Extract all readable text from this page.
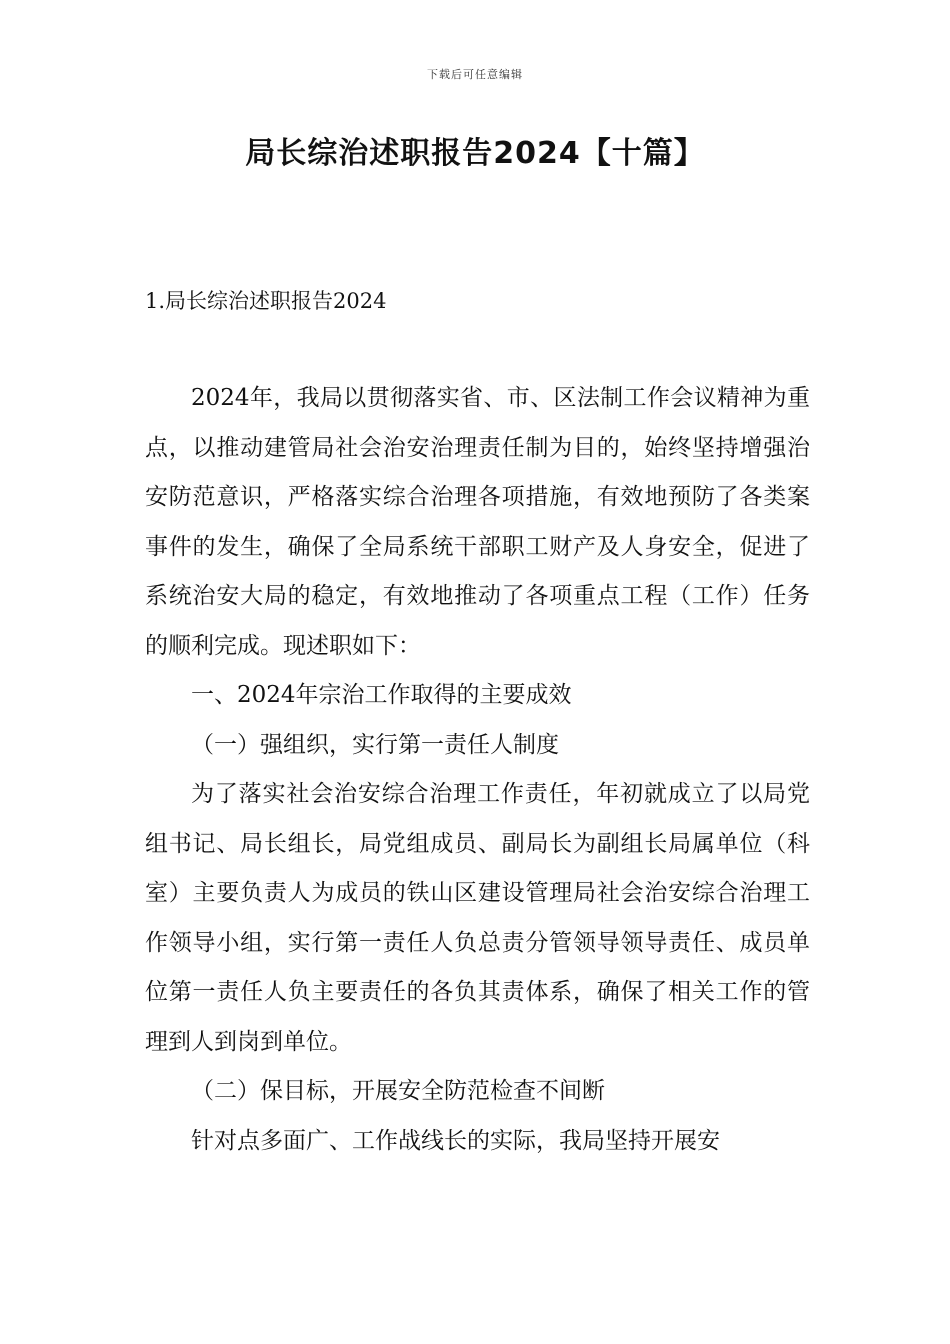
下载后可任意编辑
局长综治述职报告2024【十篇】
1.局长综治述职报告2024

2024年，我局以贯彻落实省、市、区法制工作会议精神为重点，以推动建管局社会治安治理责任制为目的，始终坚持增强治安防范意识，严格落实综合治理各项措施，有效地预防了各类案事件的发生，确保了全局系统干部职工财产及人身安全，促进了系统治安大局的稳定，有效地推动了各项重点工程（工作）任务的顺利完成。现述职如下：

一、2024年宗治工作取得的主要成效

（一）强组织，实行第一责任人制度

为了落实社会治安综合治理工作责任，年初就成立了以局党组书记、局长组长，局党组成员、副局长为副组长局属单位（科室）主要负责人为成员的铁山区建设管理局社会治安综合治理工作领导小组，实行第一责任人负总责分管领导领导责任、成员单位第一责任人负主要责任的各负其责体系，确保了相关工作的管理到人到岗到单位。

（二）保目标，开展安全防范检查不间断

针对点多面广、工作战线长的实际，我局坚持开展安
